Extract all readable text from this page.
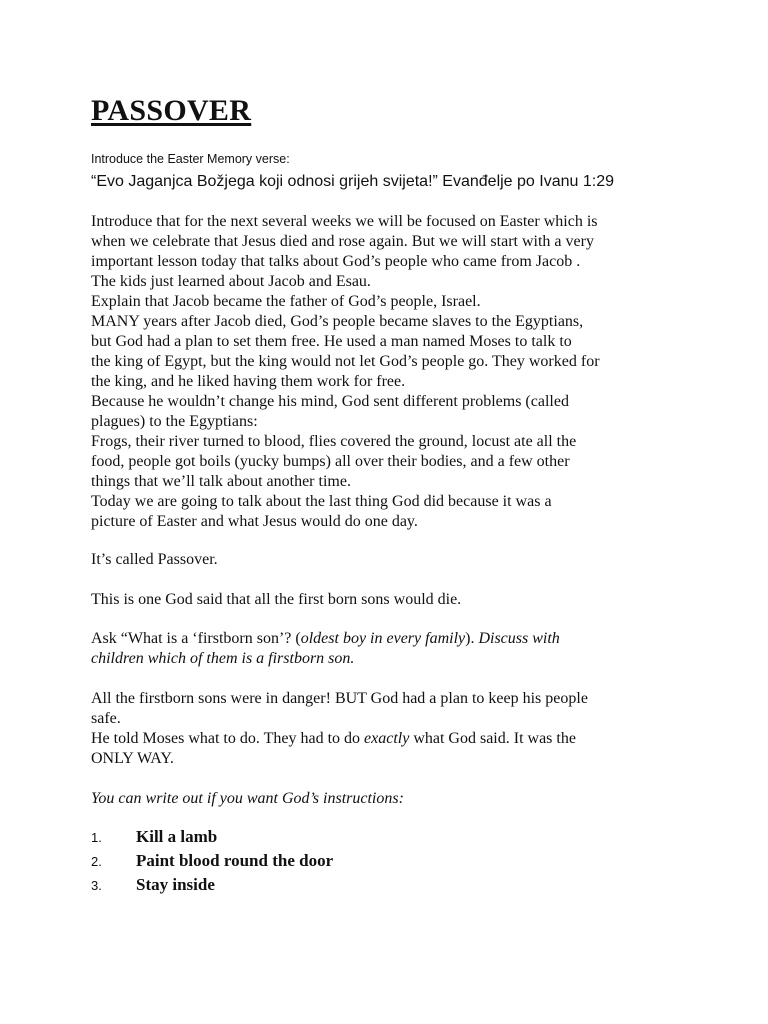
PASSOVER
Introduce the Easter Memory verse:
“Evo Jaganjca Božjega koji odnosi grijeh svijeta!” Evanđelje po Ivanu 1:29

Introduce that for the next several weeks we will be focused on Easter which is
when we celebrate that Jesus died and rose again. But we will start with a very
important lesson today that talks about God’s people who came from Jacob .
The kids just learned about Jacob and Esau.
Explain that Jacob became the father of God’s people, Israel.
MANY years after Jacob died, God’s people became slaves to the Egyptians,
but God had a plan to set them free. He used a man named Moses to talk to
the king of Egypt, but the king would not let God’s people go. They worked for
the king, and he liked having them work for free.
Because he wouldn’t change his mind, God sent different problems (called
plagues) to the Egyptians:
Frogs, their river turned to blood, flies covered the ground, locust ate all the
food, people got boils (yucky bumps) all over their bodies, and a few other
things that we’ll talk about another time.
Today we are going to talk about the last thing God did because it was a
picture of Easter and what Jesus would do one day.

It’s called Passover.

This is one God said that all the first born sons would die.

Ask “What is a ‘firstborn son’? (oldest boy in every family). Discuss with
children which of them is a firstborn son.

All the firstborn sons were in danger! BUT God had a plan to keep his people
safe.
He told Moses what to do. They had to do exactly what God said. It was the
ONLY WAY.

You can write out if you want God’s instructions:

1. Kill a lamb
2. Paint blood round the door
3. Stay inside
